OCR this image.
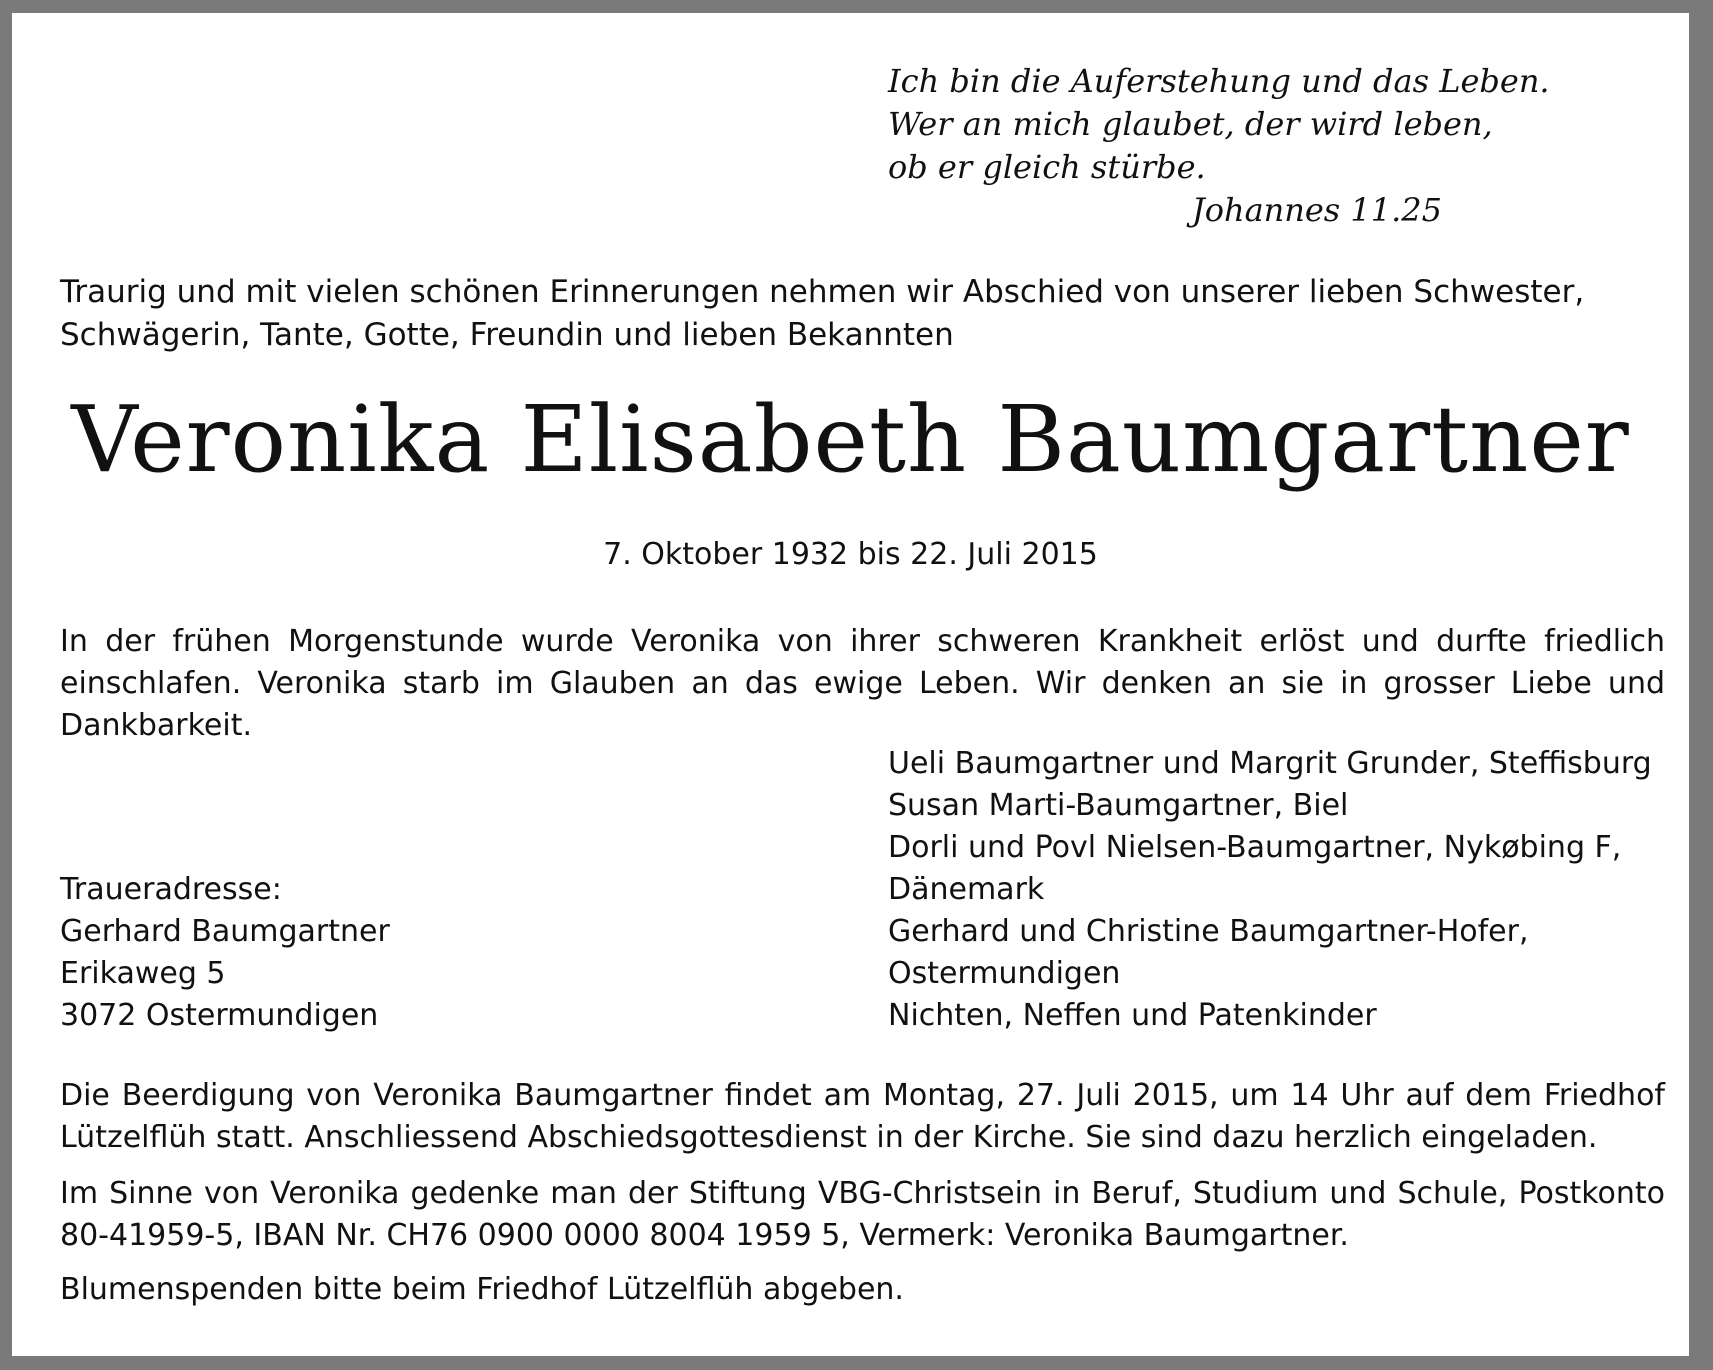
Ich bin die Auferstehung und das Leben.
Wer an mich glaubet, der wird leben,
ob er gleich stürbe.
Johannes 11.25
Traurig und mit vielen schönen Erinnerungen nehmen wir Abschied von unserer lieben Schwester, Schwägerin, Tante, Gotte, Freundin und lieben Bekannten
Veronika Elisabeth Baumgartner
7. Oktober 1932 bis 22. Juli 2015
In der frühen Morgenstunde wurde Veronika von ihrer schweren Krankheit erlöst und durfte friedlich einschlafen. Veronika starb im Glauben an das ewige Leben. Wir denken an sie in grosser Liebe und Dankbarkeit.
Traueradresse:
Gerhard Baumgartner
Erikaweg 5
3072 Ostermundigen
Ueli Baumgartner und Margrit Grunder, Steffisburg
Susan Marti-Baumgartner, Biel
Dorli und Povl Nielsen-Baumgartner, Nykøbing F,
Dänemark
Gerhard und Christine Baumgartner-Hofer,
Ostermundigen
Nichten, Neffen und Patenkinder
Die Beerdigung von Veronika Baumgartner findet am Montag, 27. Juli 2015, um 14 Uhr auf dem Friedhof Lützelflüh statt. Anschliessend Abschiedsgottesdienst in der Kirche. Sie sind dazu herzlich eingeladen.
Im Sinne von Veronika gedenke man der Stiftung VBG-Christsein in Beruf, Studium und Schule, Postkonto 80-41959-5, IBAN Nr. CH76 0900 0000 8004 1959 5, Vermerk: Veronika Baumgartner.
Blumenspenden bitte beim Friedhof Lützelflüh abgeben.
